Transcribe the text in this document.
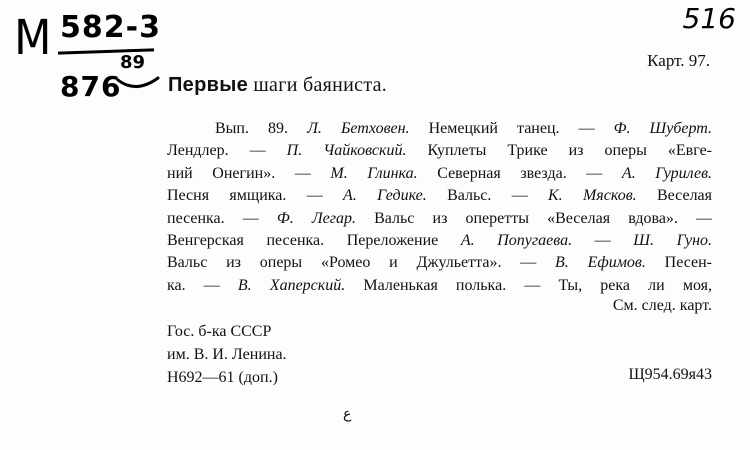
М 582-3
876
89
516
ع
Карт. 97.
Первые шаги баяниста.
Вып. 89. Л. Бетховен. Немецкий танец. — Ф. Шуберт.
Лендлер. — П. Чайковский. Куплеты Трике из оперы «Евге-
ний Онегин». — М. Глинка. Северная звезда. — А. Гурилев.
Песня ямщика. — А. Гедике. Вальс. — К. Мясков. Веселая
песенка. — Ф. Легар. Вальс из оперетты «Веселая вдова». —
Венгерская песенка. Переложение А. Попугаева. — Ш. Гуно.
Вальс из оперы «Ромео и Джульетта». — В. Ефимов. Песен-
ка. — В. Хаперский. Маленькая полька. — Ты, река ли моя,
См. след. карт.
Гос. б-ка СССР
им. В. И. Ленина.
Н692—61 (доп.)	Щ954.69я43
